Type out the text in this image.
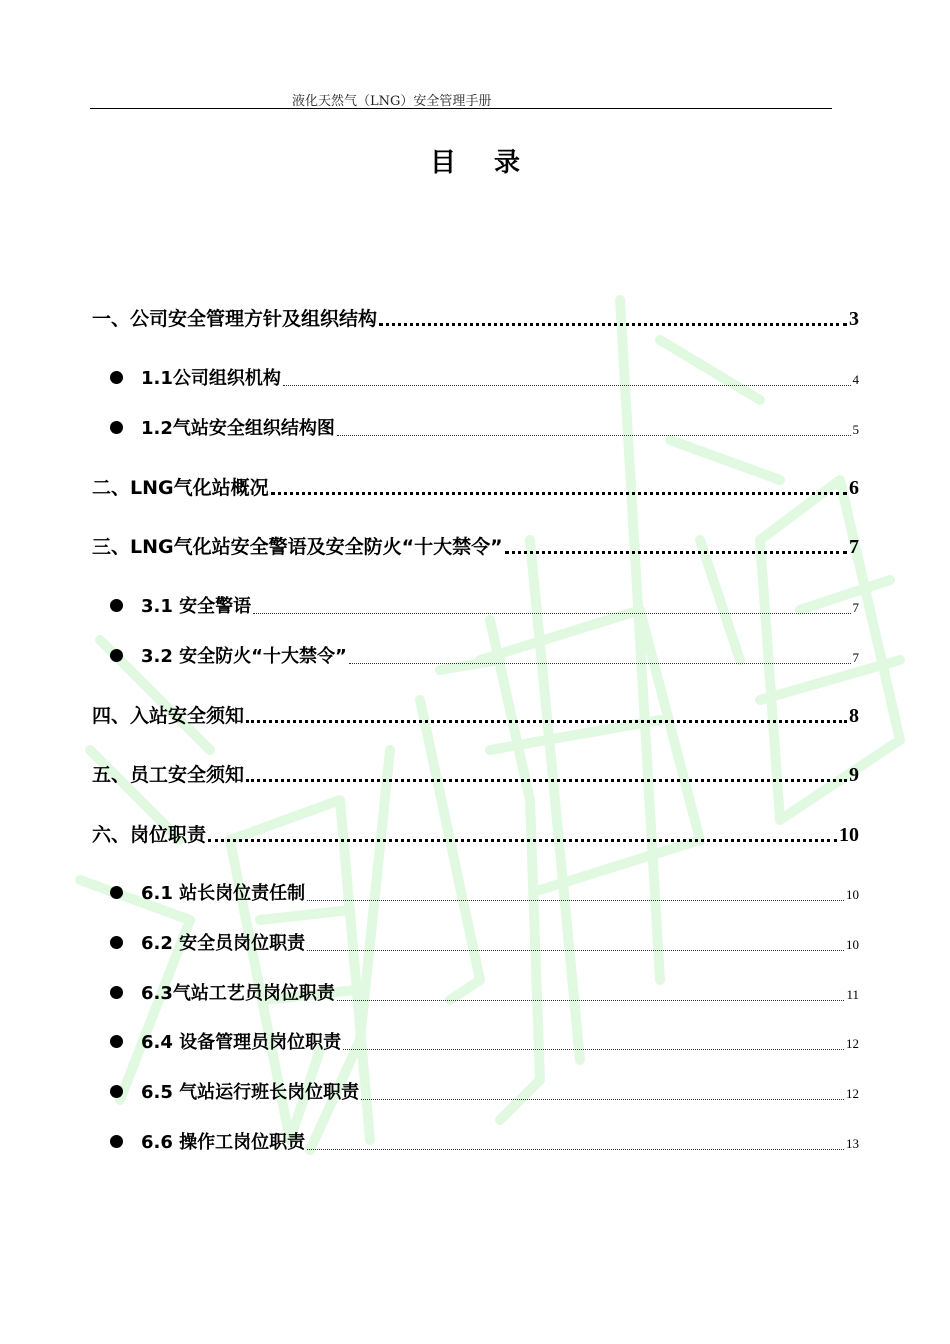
液化天然气（LNG）安全管理手册
目录
一、公司安全管理方针及组织结构	3
1.1公司组织机构	4
1.2气站安全组织结构图	5
二、LNG气化站概况	6
三、LNG气化站安全警语及安全防火“十大禁令”	7
3.1 安全警语	7
3.2 安全防火“十大禁令”	7
四、入站安全须知	8
五、员工安全须知	9
六、岗位职责	10
6.1 站长岗位责任制	10
6.2 安全员岗位职责	10
6.3气站工艺员岗位职责	11
6.4 设备管理员岗位职责	12
6.5 气站运行班长岗位职责	12
6.6 操作工岗位职责	13
